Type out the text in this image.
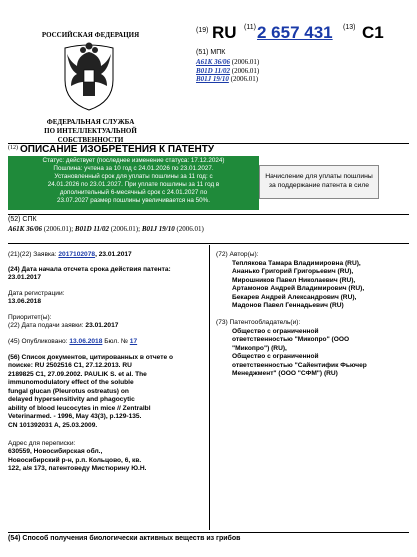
РОССИЙСКАЯ ФЕДЕРАЦИЯ
ФЕДЕРАЛЬНАЯ СЛУЖБА
ПО ИНТЕЛЛЕКТУАЛЬНОЙ СОБСТВЕННОСТИ
(19) RU (11) 2 657 431 (13) C1
(51) МПК
A61K 36/06 (2006.01)
B01D 11/02 (2006.01)
B01J 19/10 (2006.01)
(12) ОПИСАНИЕ ИЗОБРЕТЕНИЯ К ПАТЕНТУ
Статус: действует (последнее изменение статуса: 17.12.2024)
Пошлина: учтена за 10 год с 24.01.2026 по 23.01.2027.
Установленный срок для уплаты пошлины за 11 год: с
24.01.2026 по 23.01.2027. При уплате пошлины за 11 год в
дополнительный 6-месячный срок с 24.01.2027 по
23.07.2027 размер пошлины увеличивается на 50%.
Начисление для уплаты пошлины за поддержание патента в силе
(52) СПК
A61K 36/06 (2006.01); B01D 11/02 (2006.01); B01J 19/10 (2006.01)
(21)(22) Заявка: 2017102078, 23.01.2017
(24) Дата начала отсчета срока действия патента:
23.01.2017
Дата регистрации:
13.06.2018
Приоритет(ы):
(22) Дата подачи заявки: 23.01.2017
(45) Опубликовано: 13.06.2018 Бюл. № 17
(56) Список документов, цитированных в отчете о
поиске: RU 2502516 C1, 27.12.2013. RU
2189825 C1, 27.09.2002. PAULIK S. et al. The
immunomodulatory effect of the soluble
fungal glucan (Pleurotus ostreatus) on
delayed hypersensitivity and phagocytic
ability of blood leucocytes in mice // Zentralbl
Veterinarmed. - 1996, May 43(3), p.129-135.
CN 101392031 A, 25.03.2009.
Адрес для переписки:
630559, Новосибирская обл.,
Новосибирский р-н, р.п. Кольцово, 6, кв.
122, а/я 173, патентоведу Мистюрину Ю.Н.
(72) Автор(ы):
Теплякова Тамара Владимировна (RU),
Ананько Григорий Григорьевич (RU),
Мирошников Павел Николаевич (RU),
Артамонов Андрей Владимирович (RU),
Бекарев Андрей Александрович (RU),
Мадонов Павел Геннадьевич (RU)
(73) Патентообладатель(и):
Общество с ограниченной
ответственностью "Микопро" (ООО
"Микопро") (RU),
Общество с ограниченной
ответственностью "Сайентифик Фьючер
Менеджмент" (ООО "СФМ") (RU)
(54) Способ получения биологически активных веществ из грибов
